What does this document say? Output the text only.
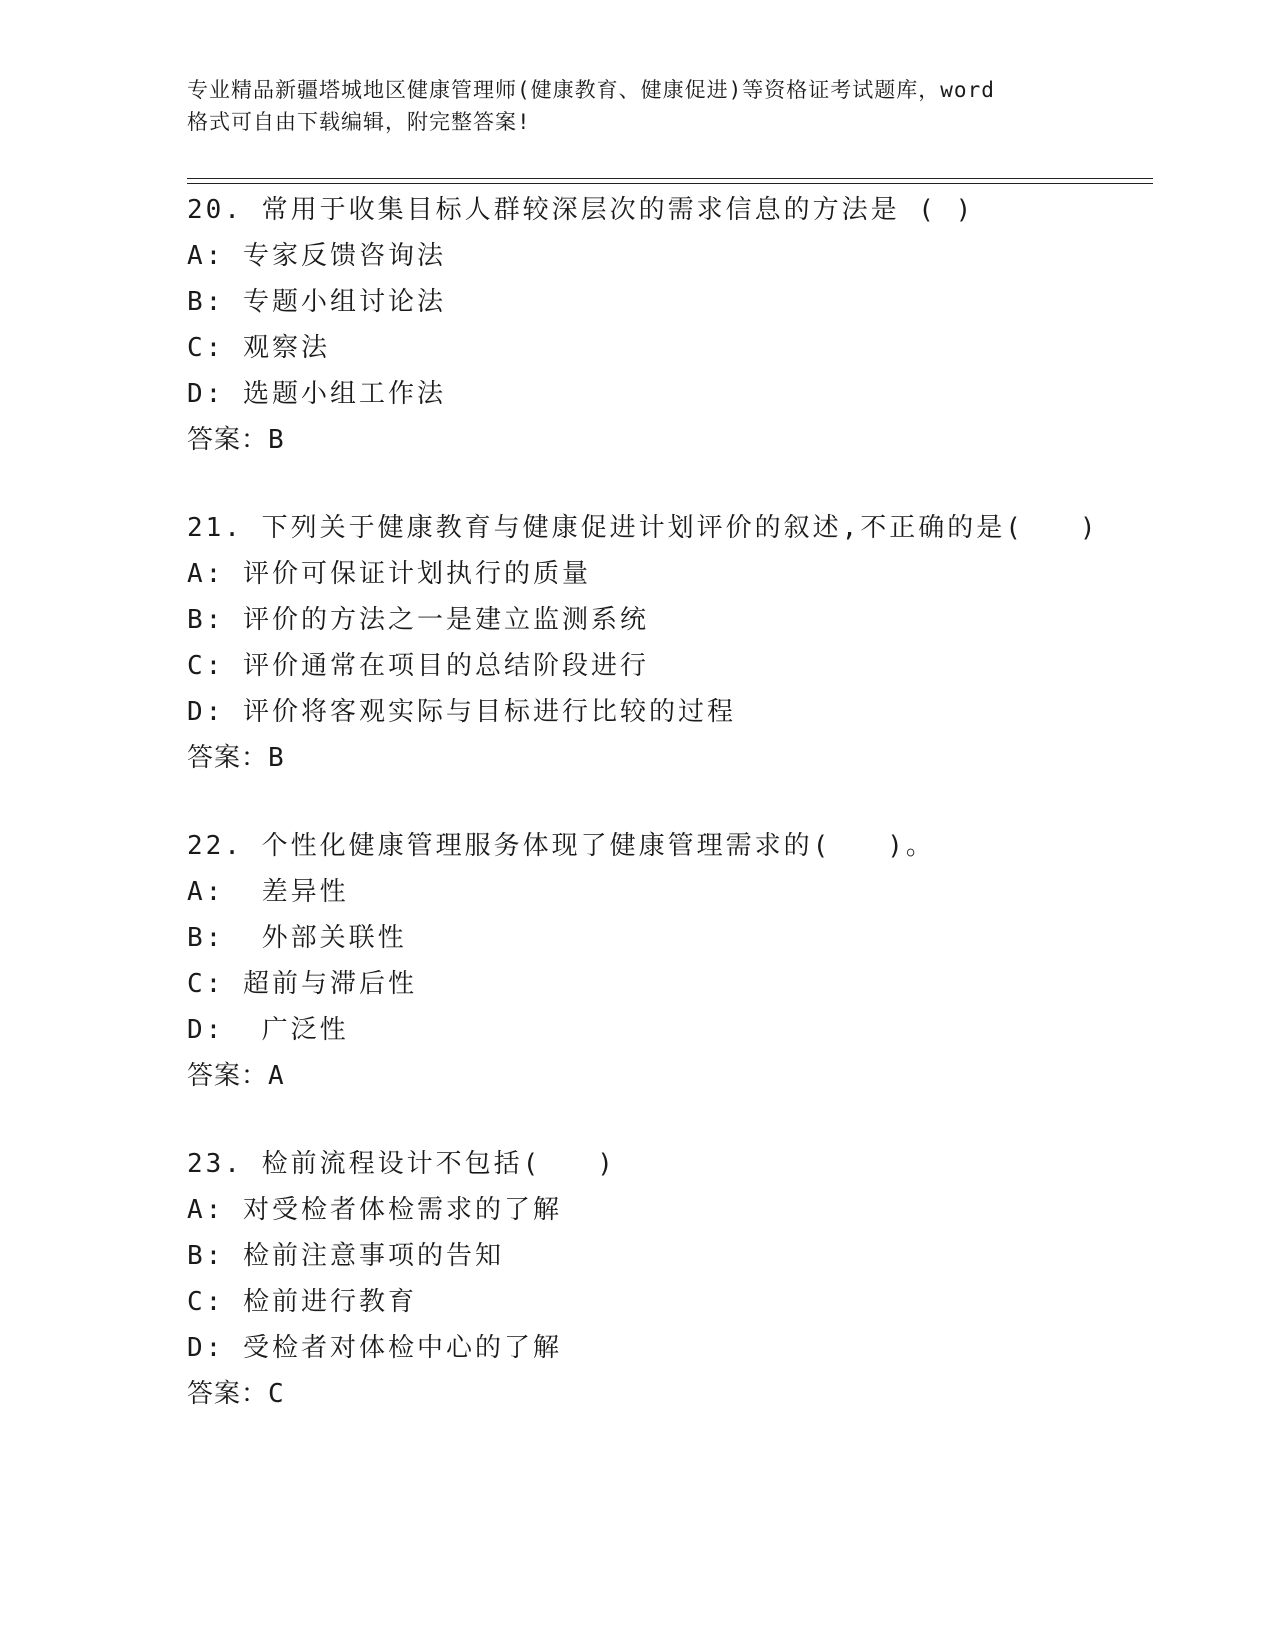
专业精品新疆塔城地区健康管理师(健康教育、健康促进)等资格证考试题库，word

格式可自由下载编辑，附完整答案!

20. 常用于收集目标人群较深层次的需求信息的方法是 ( )
A: 专家反馈咨询法
B: 专题小组讨论法
C: 观察法
D: 选题小组工作法
答案：B
21. 下列关于健康教育与健康促进计划评价的叙述,不正确的是(   )
A: 评价可保证计划执行的质量
B: 评价的方法之一是建立监测系统
C: 评价通常在项目的总结阶段进行
D: 评价将客观实际与目标进行比较的过程
答案：B
22. 个性化健康管理服务体现了健康管理需求的(   )。
A:  差异性
B:  外部关联性
C: 超前与滞后性
D:  广泛性
答案：A
23. 检前流程设计不包括(   )
A: 对受检者体检需求的了解
B: 检前注意事项的告知
C: 检前进行教育
D: 受检者对体检中心的了解
答案：C
